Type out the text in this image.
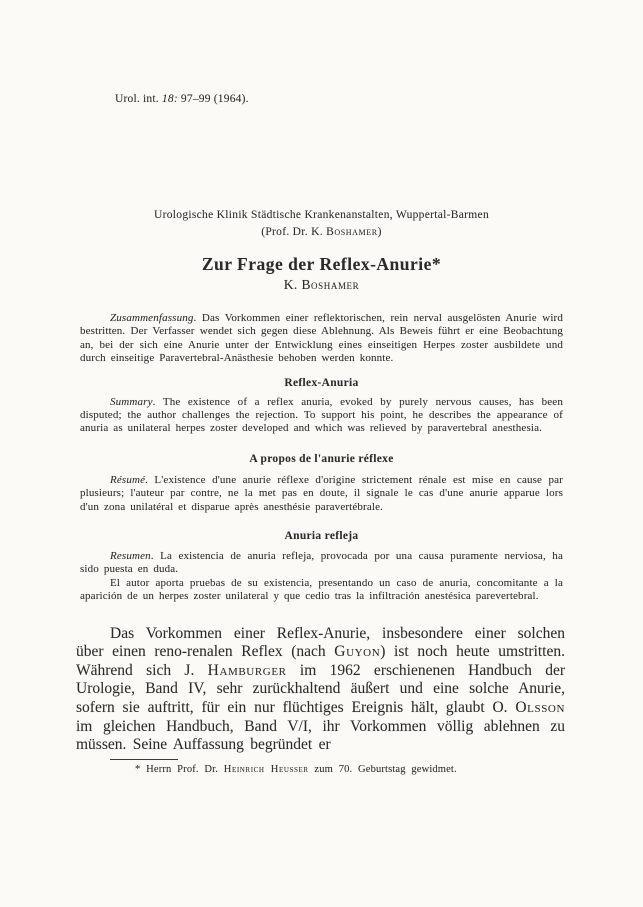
Urol. int. 18: 97–99 (1964).
Urologische Klinik Städtische Krankenanstalten, Wuppertal-Barmen
(Prof. Dr. K. Boshamer)
Zur Frage der Reflex-Anurie*
K. Boshamer

Zusammenfassung. Das Vorkommen einer reflektorischen, rein nerval ausgelösten Anurie wird bestritten. Der Verfasser wendet sich gegen diese Ablehnung. Als Beweis führt er eine Beobachtung an, bei der sich eine Anurie unter der Entwicklung eines einseitigen Herpes zoster ausbildete und durch einseitige Paravertebral-Anästhesie behoben werden konnte.

Reflex-Anuria

Summary. The existence of a reflex anuria, evoked by purely nervous causes, has been disputed; the author challenges the rejection. To support his point, he describes the appearance of anuria as unilateral herpes zoster developed and which was relieved by paravertebral anesthesia.

A propos de l'anurie réflexe

Résumé. L'existence d'une anurie réflexe d'origine strictement rénale est mise en cause par plusieurs; l'auteur par contre, ne la met pas en doute, il signale le cas d'une anurie apparue lors d'un zona unilatéral et disparue après anesthésie paravertébrale.

Anuria refleja

Resumen. La existencia de anuria refleja, provocada por una causa puramente nerviosa, ha sido puesta en duda.

El autor aporta pruebas de su existencia, presentando un caso de anuria, concomitante a la aparición de un herpes zoster unilateral y que cedio tras la infiltración anestésica parevertebral.

Das Vorkommen einer Reflex-Anurie, insbesondere einer solchen über einen reno-renalen Reflex (nach Guyon) ist noch heute umstritten. Während sich J. Hamburger im 1962 erschienenen Handbuch der Urologie, Band IV, sehr zurückhaltend äußert und eine solche Anurie, sofern sie auftritt, für ein nur flüchtiges Ereignis hält, glaubt O. Olsson im gleichen Handbuch, Band V/I, ihr Vorkommen völlig ablehnen zu müssen. Seine Auffassung begründet er

* Herrn Prof. Dr. Heinrich Heusser zum 70. Geburtstag gewidmet.
